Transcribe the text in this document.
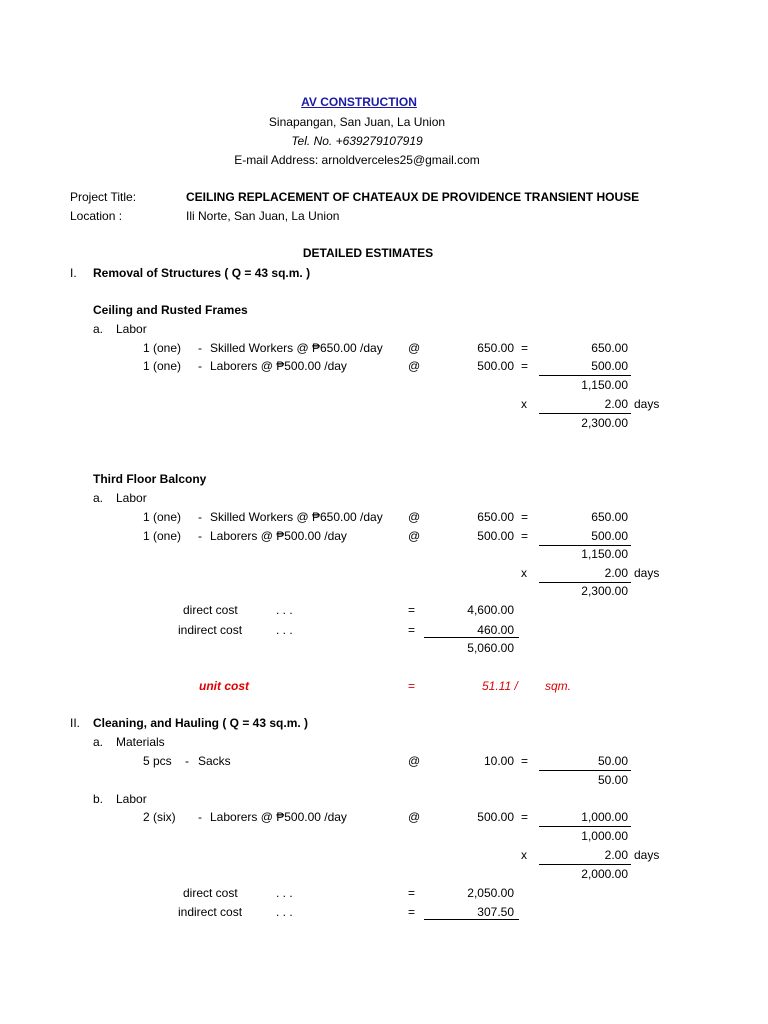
AV CONSTRUCTION
Sinapangan, San Juan, La Union
Tel. No. +639279107919
E-mail Address: arnoldverceles25@gmail.com
Project Title:	CEILING REPLACEMENT OF CHATEAUX DE PROVIDENCE TRANSIENT HOUSE
Location :	Ili Norte, San Juan, La Union
DETAILED ESTIMATES
I. Removal of Structures ( Q = 43 sq.m. )
Ceiling and Rusted Frames
a. Labor
1 (one) - Skilled Workers @ ₱650.00 /day @	650.00 =	650.00
1 (one) - Laborers @ ₱500.00 /day	@	500.00 =	500.00
1,150.00
x	2.00 days
2,300.00
Third Floor Balcony
a. Labor
1 (one) - Skilled Workers @ ₱650.00 /day @	650.00 =	650.00
1 (one) - Laborers @ ₱500.00 /day	@	500.00 =	500.00
1,150.00
x	2.00 days
2,300.00
direct cost	. . .	=	4,600.00
indirect cost	. . .	=	460.00
5,060.00
unit cost	=	51.11 / sqm.
II. Cleaning, and Hauling ( Q = 43 sq.m. )
a. Materials
5 pcs - Sacks	@	10.00 =	50.00
50.00
b. Labor
2 (six) - Laborers @ ₱500.00 /day	@	500.00 =	1,000.00
1,000.00
x	2.00 days
2,000.00
direct cost	. . .	=	2,050.00
indirect cost	. . .	=	307.50
